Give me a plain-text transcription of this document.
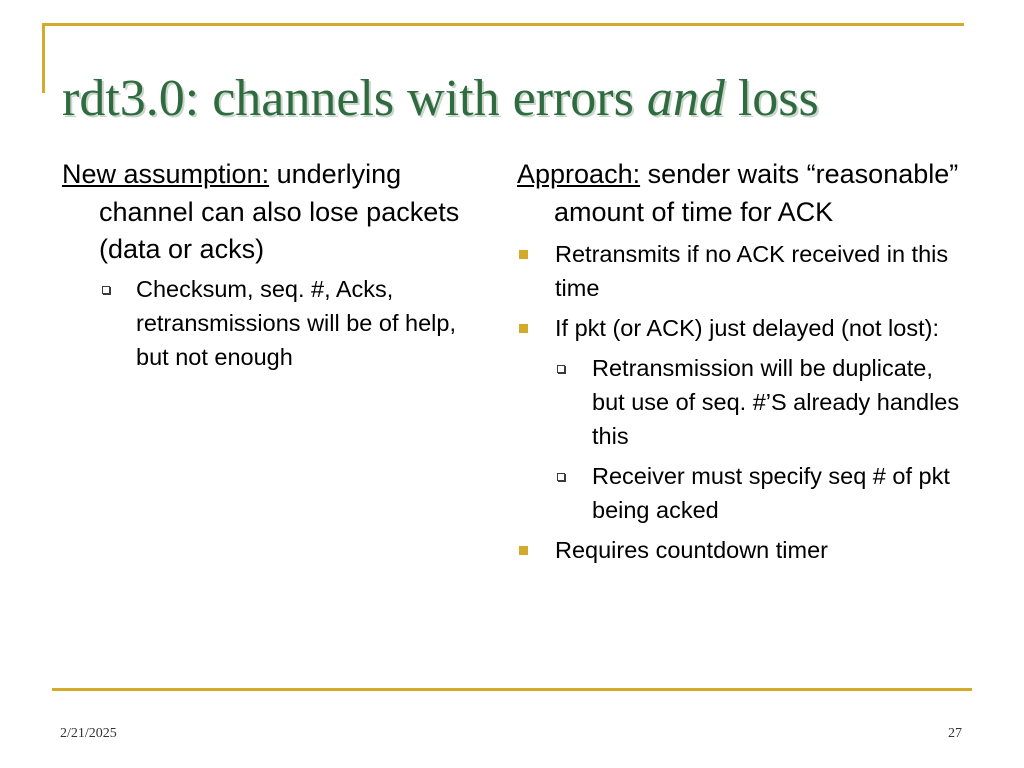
rdt3.0: channels with errors and loss

New assumption: underlying channel can also lose packets (data or acks)

Checksum, seq. #, Acks, retransmissions will be of help, but not enough

Approach: sender waits “reasonable” amount of time for ACK

Retransmits if no ACK received in this time
If pkt (or ACK) just delayed (not lost):
Retransmission will be duplicate, but use of seq. #’S already handles this
Receiver must specify seq # of pkt being acked
Requires countdown timer
2/21/2025	27
